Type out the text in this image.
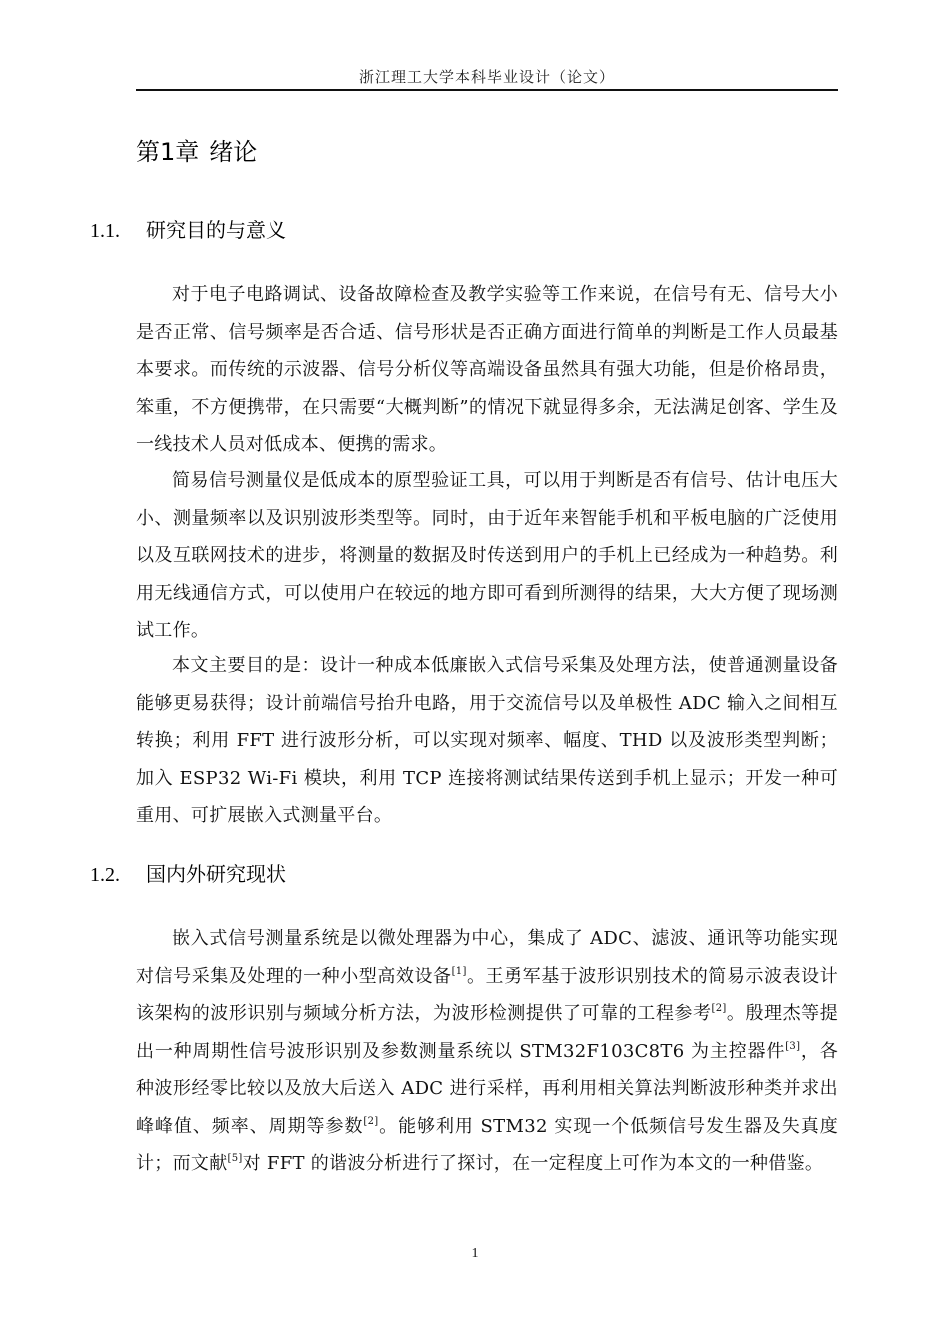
浙江理工大学本科毕业设计（论文）
第1章 绪论
1.1. 研究目的与意义

对于电子电路调试、设备故障检查及教学实验等工作来说，在信号有无、信号大小是否正常、信号频率是否合适、信号形状是否正确方面进行简单的判断是工作人员最基本要求。而传统的示波器、信号分析仪等高端设备虽然具有强大功能，但是价格昂贵，笨重，不方便携带，在只需要“大概判断”的情况下就显得多余，无法满足创客、学生及一线技术人员对低成本、便携的需求。

简易信号测量仪是低成本的原型验证工具，可以用于判断是否有信号、估计电压大小、测量频率以及识别波形类型等。同时，由于近年来智能手机和平板电脑的广泛使用以及互联网技术的进步，将测量的数据及时传送到用户的手机上已经成为一种趋势。利用无线通信方式，可以使用户在较远的地方即可看到所测得的结果，大大方便了现场测试工作。

本文主要目的是：设计一种成本低廉嵌入式信号采集及处理方法，使普通测量设备能够更易获得；设计前端信号抬升电路，用于交流信号以及单极性 ADC 输入之间相互转换；利用 FFT 进行波形分析，可以实现对频率、幅度、THD 以及波形类型判断；加入 ESP32 Wi-Fi 模块，利用 TCP 连接将测试结果传送到手机上显示；开发一种可重用、可扩展嵌入式测量平台。

1.2. 国内外研究现状

嵌入式信号测量系统是以微处理器为中心，集成了 ADC、滤波、通讯等功能实现对信号采集及处理的一种小型高效设备[1]。王勇军基于波形识别技术的简易示波表设计该架构的波形识别与频域分析方法，为波形检测提供了可靠的工程参考[2]。殷理杰等提出一种周期性信号波形识别及参数测量系统以 STM32F103C8T6 为主控器件[3]，各种波形经零比较以及放大后送入 ADC 进行采样，再利用相关算法判断波形种类并求出峰峰值、频率、周期等参数[2]。能够利用 STM32 实现一个低频信号发生器及失真度计；而文献[5]对 FFT 的谐波分析进行了探讨，在一定程度上可作为本文的一种借鉴。

1
